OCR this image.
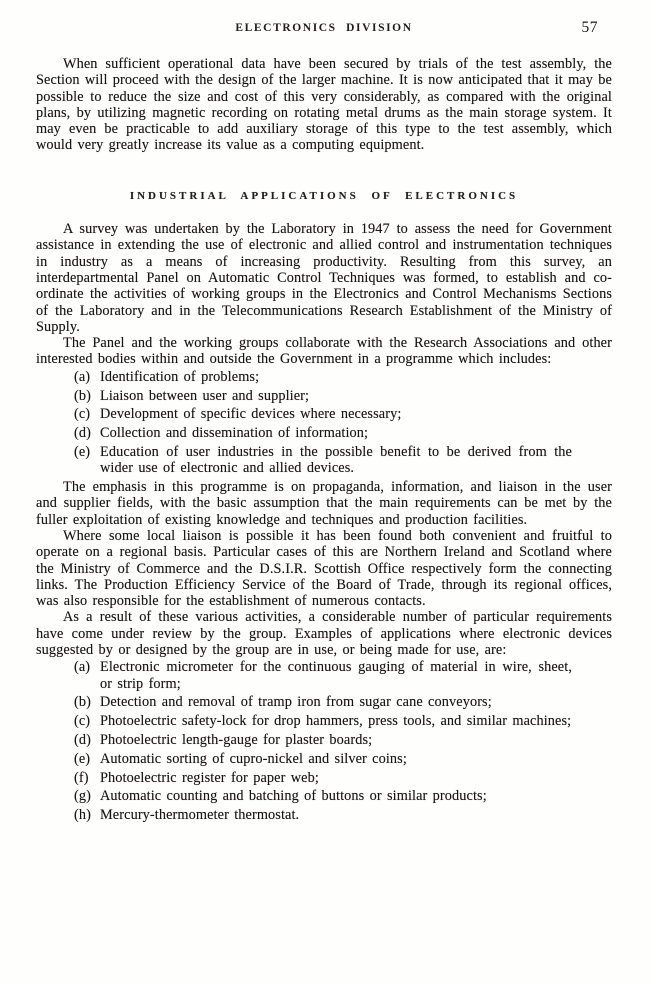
ELECTRONICS DIVISION	57

When sufficient operational data have been secured by trials of the test assembly, the Section will proceed with the design of the larger machine. It is now anticipated that it may be possible to reduce the size and cost of this very considerably, as compared with the original plans, by utilizing magnetic recording on rotating metal drums as the main storage system. It may even be practicable to add auxiliary storage of this type to the test assembly, which would very greatly increase its value as a computing equipment.

INDUSTRIAL APPLICATIONS OF ELECTRONICS

A survey was undertaken by the Laboratory in 1947 to assess the need for Government assistance in extending the use of electronic and allied control and instrumentation techniques in industry as a means of increasing productivity. Resulting from this survey, an interdepartmental Panel on Automatic Control Techniques was formed, to establish and co-ordinate the activities of working groups in the Electronics and Control Mechanisms Sections of the Laboratory and in the Telecommunications Research Establishment of the Ministry of Supply.

The Panel and the working groups collaborate with the Research Associations and other interested bodies within and outside the Government in a programme which includes:

(a) Identification of problems;
(b) Liaison between user and supplier;
(c) Development of specific devices where necessary;
(d) Collection and dissemination of information;
(e) Education of user industries in the possible benefit to be derived from the wider use of electronic and allied devices.

The emphasis in this programme is on propaganda, information, and liaison in the user and supplier fields, with the basic assumption that the main requirements can be met by the fuller exploitation of existing knowledge and techniques and production facilities.

Where some local liaison is possible it has been found both convenient and fruitful to operate on a regional basis. Particular cases of this are Northern Ireland and Scotland where the Ministry of Commerce and the D.S.I.R. Scottish Office respectively form the connecting links. The Production Efficiency Service of the Board of Trade, through its regional offices, was also responsible for the establishment of numerous contacts.

As a result of these various activities, a considerable number of particular requirements have come under review by the group. Examples of applications where electronic devices suggested by or designed by the group are in use, or being made for use, are:

(a) Electronic micrometer for the continuous gauging of material in wire, sheet, or strip form;
(b) Detection and removal of tramp iron from sugar cane conveyors;
(c) Photoelectric safety-lock for drop hammers, press tools, and similar machines;
(d) Photoelectric length-gauge for plaster boards;
(e) Automatic sorting of cupro-nickel and silver coins;
(f) Photoelectric register for paper web;
(g) Automatic counting and batching of buttons or similar products;
(h) Mercury-thermometer thermostat.
